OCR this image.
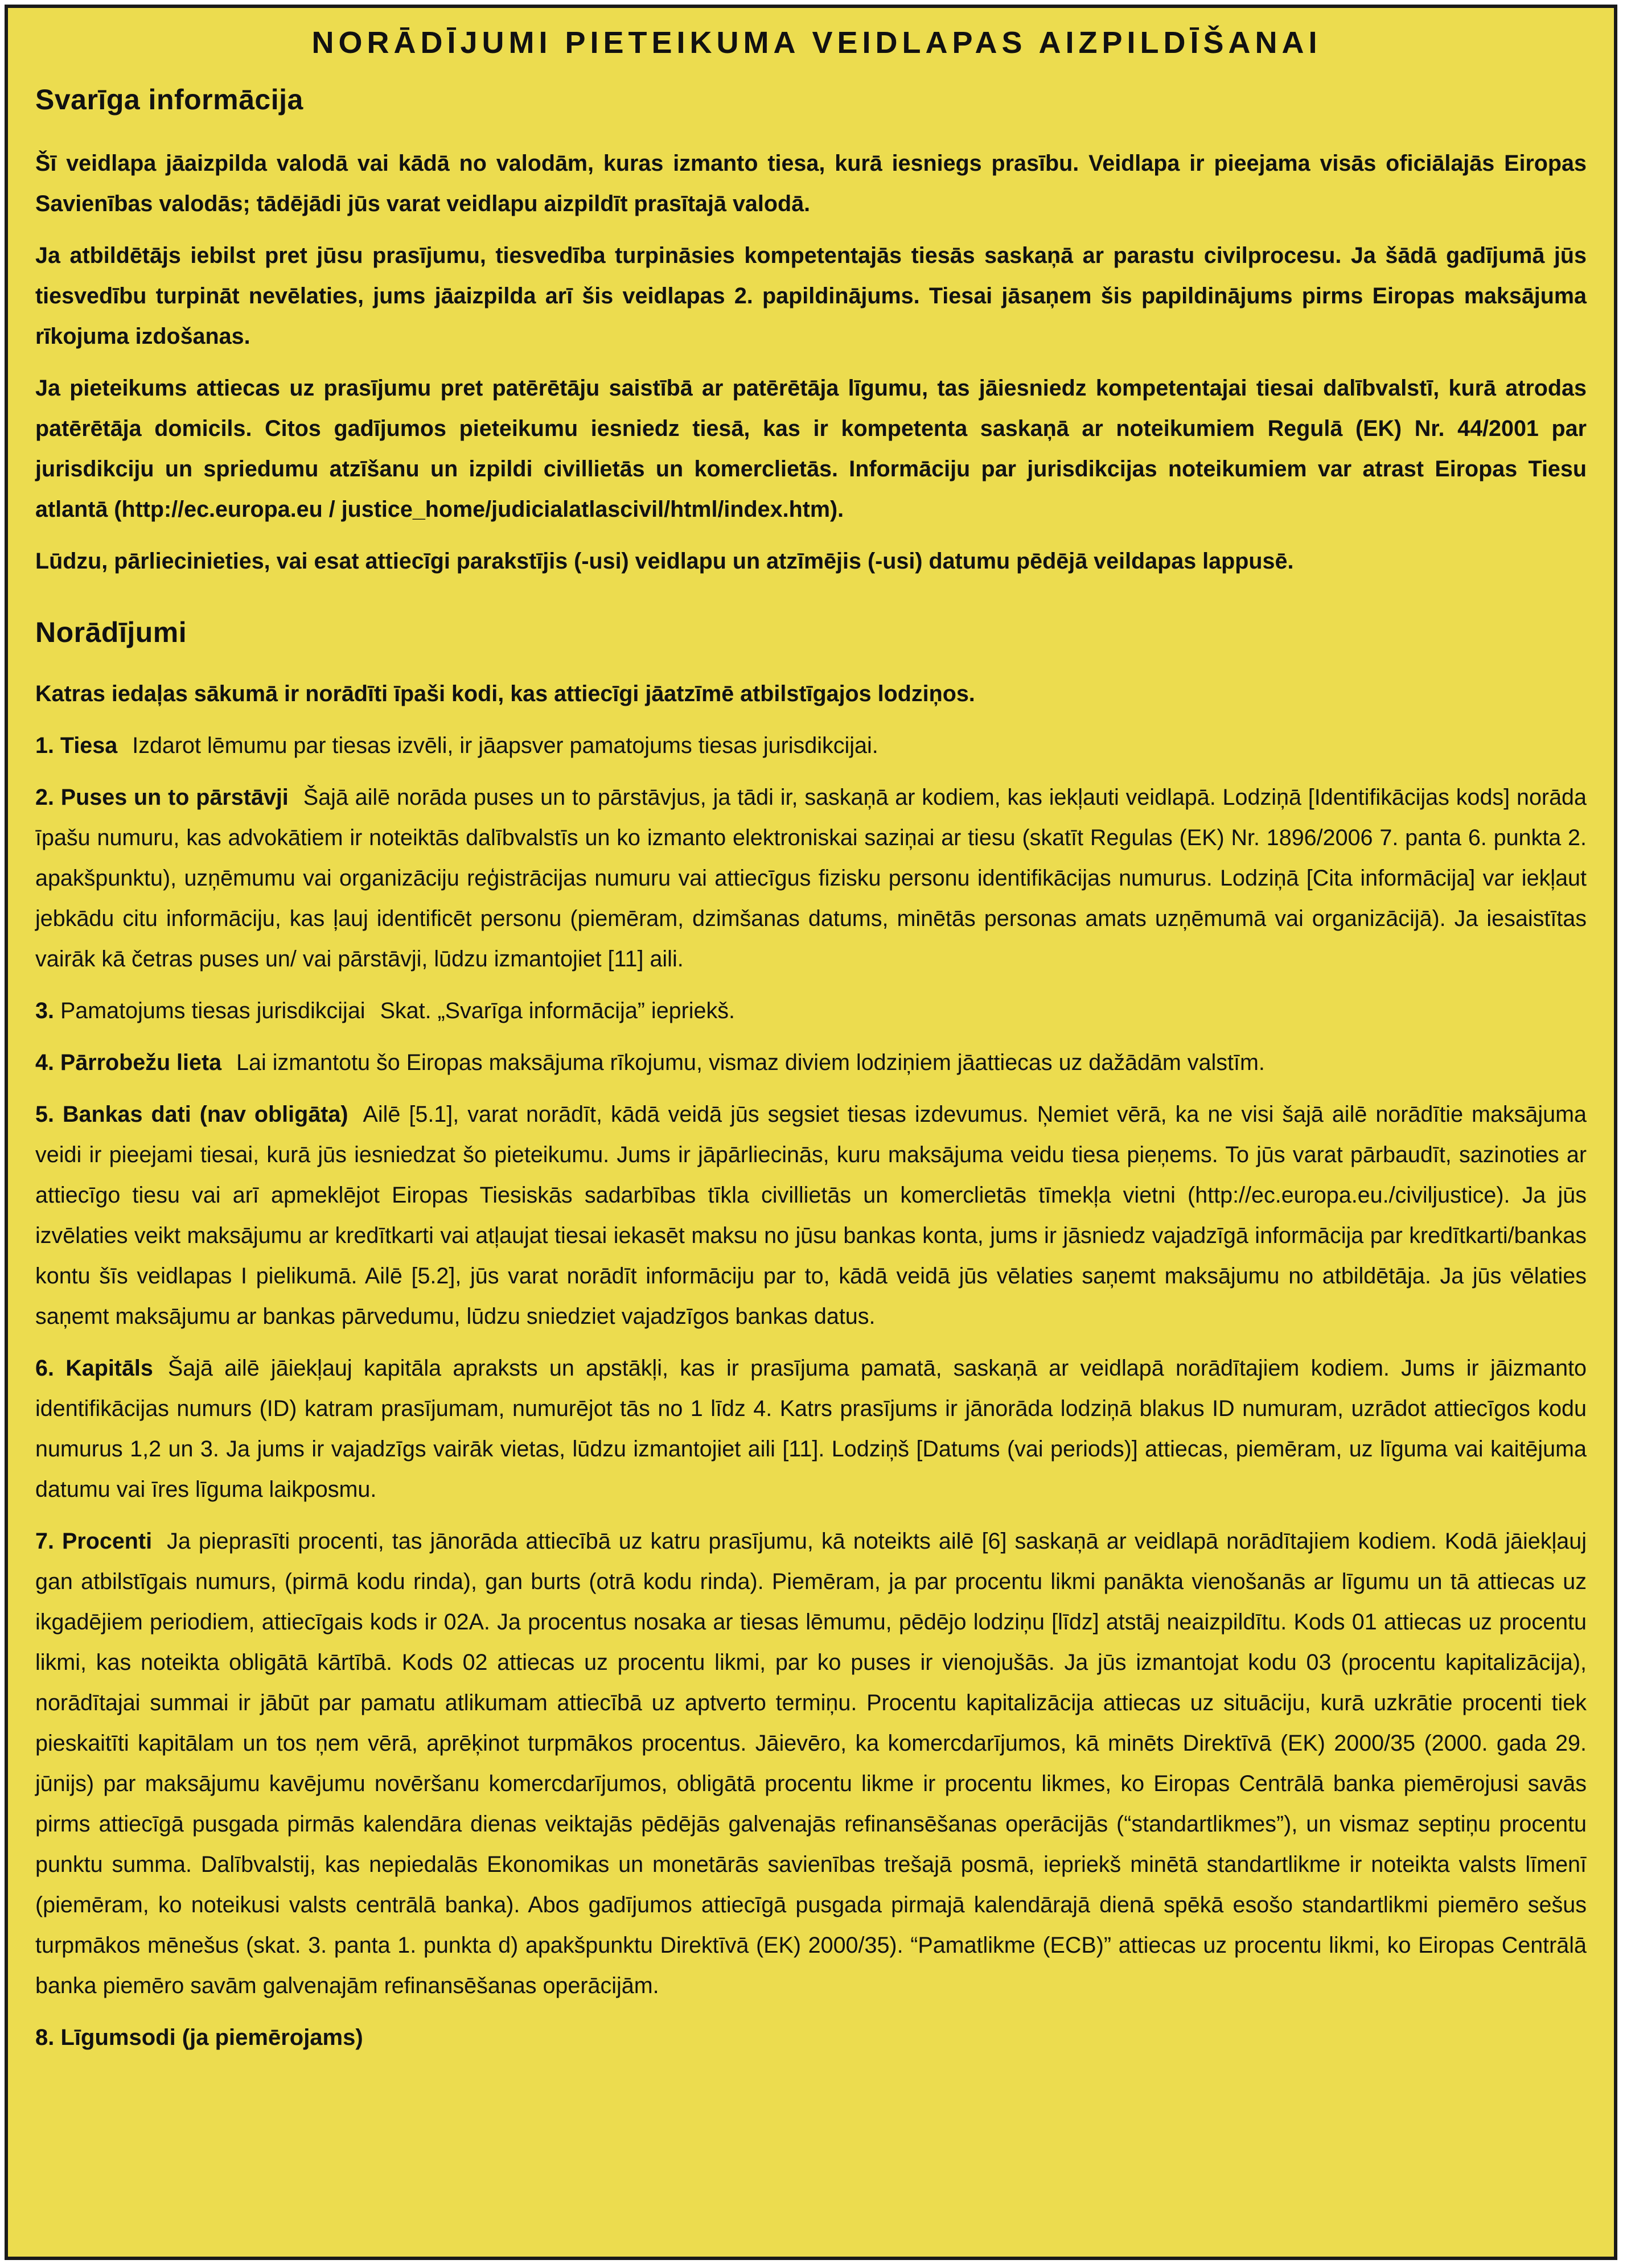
NORĀDĪJUMI PIETEIKUMA VEIDLAPAS AIZPILDĪŠANAI
Svarīga informācija

Šī veidlapa jāaizpilda valodā vai kādā no valodām, kuras izmanto tiesa, kurā iesniegs prasību. Veidlapa ir pieejama visās oficiālajās Eiropas Savienības valodās; tādējādi jūs varat veidlapu aizpildīt prasītajā valodā.

Ja atbildētājs iebilst pret jūsu prasījumu, tiesvedība turpināsies kompetentajās tiesās saskaņā ar parastu civilprocesu. Ja šādā gadījumā jūs tiesvedību turpināt nevēlaties, jums jāaizpilda arī šis veidlapas 2. papildinājums. Tiesai jāsaņem šis papildinājums pirms Eiropas maksājuma rīkojuma izdošanas.

Ja pieteikums attiecas uz prasījumu pret patērētāju saistībā ar patērētāja līgumu, tas jāiesniedz kompetentajai tiesai dalībvalstī, kurā atrodas patērētāja domicils. Citos gadījumos pieteikumu iesniedz tiesā, kas ir kompetenta saskaņā ar noteikumiem Regulā (EK) Nr. 44/2001 par jurisdikciju un spriedumu atzīšanu un izpildi civillietās un komerclietās. Informāciju par jurisdikcijas noteikumiem var atrast Eiropas Tiesu atlantā (http://ec.europa.eu / justice_home/judicialatlascivil/html/index.htm).

Lūdzu, pārliecinieties, vai esat attiecīgi parakstījis (-usi) veidlapu un atzīmējis (-usi) datumu pēdējā veildapas lappusē.

Norādījumi

Katras iedaļas sākumā ir norādīti īpaši kodi, kas attiecīgi jāatzīmē atbilstīgajos lodziņos.

1. Tiesa Izdarot lēmumu par tiesas izvēli, ir jāapsver pamatojums tiesas jurisdikcijai.

2. Puses un to pārstāvji Šajā ailē norāda puses un to pārstāvjus, ja tādi ir, saskaņā ar kodiem, kas iekļauti veidlapā. Lodziņā [Identifikācijas kods] norāda īpašu numuru, kas advokātiem ir noteiktās dalībvalstīs un ko izmanto elektroniskai saziņai ar tiesu (skatīt Regulas (EK) Nr. 1896/2006 7. panta 6. punkta 2. apakšpunktu), uzņēmumu vai organizāciju reģistrācijas numuru vai attiecīgus fizisku personu identifikācijas numurus. Lodziņā [Cita informācija] var iekļaut jebkādu citu informāciju, kas ļauj identificēt personu (piemēram, dzimšanas datums, minētās personas amats uzņēmumā vai organizācijā). Ja iesaistītas vairāk kā četras puses un/ vai pārstāvji, lūdzu izmantojiet [11] aili.

3. Pamatojums tiesas jurisdikcijai Skat. „Svarīga informācija” iepriekš.

4. Pārrobežu lieta Lai izmantotu šo Eiropas maksājuma rīkojumu, vismaz diviem lodziņiem jāattiecas uz dažādām valstīm.

5. Bankas dati (nav obligāta) Ailē [5.1], varat norādīt, kādā veidā jūs segsiet tiesas izdevumus. Ņemiet vērā, ka ne visi šajā ailē norādītie maksājuma veidi ir pieejami tiesai, kurā jūs iesniedzat šo pieteikumu. Jums ir jāpārliecinās, kuru maksājuma veidu tiesa pieņems. To jūs varat pārbaudīt, sazinoties ar attiecīgo tiesu vai arī apmeklējot Eiropas Tiesiskās sadarbības tīkla civillietās un komerclietās tīmekļa vietni (http://ec.europa.eu./civiljustice). Ja jūs izvēlaties veikt maksājumu ar kredītkarti vai atļaujat tiesai iekasēt maksu no jūsu bankas konta, jums ir jāsniedz vajadzīgā informācija par kredītkarti/bankas kontu šīs veidlapas I pielikumā. Ailē [5.2], jūs varat norādīt informāciju par to, kādā veidā jūs vēlaties saņemt maksājumu no atbildētāja. Ja jūs vēlaties saņemt maksājumu ar bankas pārvedumu, lūdzu sniedziet vajadzīgos bankas datus.

6. Kapitāls Šajā ailē jāiekļauj kapitāla apraksts un apstākļi, kas ir prasījuma pamatā, saskaņā ar veidlapā norādītajiem kodiem. Jums ir jāizmanto identifikācijas numurs (ID) katram prasījumam, numurējot tās no 1 līdz 4. Katrs prasījums ir jānorāda lodziņā blakus ID numuram, uzrādot attiecīgos kodu numurus 1,2 un 3. Ja jums ir vajadzīgs vairāk vietas, lūdzu izmantojiet aili [11]. Lodziņš [Datums (vai periods)] attiecas, piemēram, uz līguma vai kaitējuma datumu vai īres līguma laikposmu.

7. Procenti Ja pieprasīti procenti, tas jānorāda attiecībā uz katru prasījumu, kā noteikts ailē [6] saskaņā ar veidlapā norādītajiem kodiem. Kodā jāiekļauj gan atbilstīgais numurs, (pirmā kodu rinda), gan burts (otrā kodu rinda). Piemēram, ja par procentu likmi panākta vienošanās ar līgumu un tā attiecas uz ikgadējiem periodiem, attiecīgais kods ir 02A. Ja procentus nosaka ar tiesas lēmumu, pēdējo lodziņu [līdz] atstāj neaizpildītu. Kods 01 attiecas uz procentu likmi, kas noteikta obligātā kārtībā. Kods 02 attiecas uz procentu likmi, par ko puses ir vienojušās. Ja jūs izmantojat kodu 03 (procentu kapitalizācija), norādītajai summai ir jābūt par pamatu atlikumam attiecībā uz aptverto termiņu. Procentu kapitalizācija attiecas uz situāciju, kurā uzkrātie procenti tiek pieskaitīti kapitālam un tos ņem vērā, aprēķinot turpmākos procentus. Jāievēro, ka komercdarījumos, kā minēts Direktīvā (EK) 2000/35 (2000. gada 29. jūnijs) par maksājumu kavējumu novēršanu komercdarījumos, obligātā procentu likme ir procentu likmes, ko Eiropas Centrālā banka piemērojusi savās pirms attiecīgā pusgada pirmās kalendāra dienas veiktajās pēdējās galvenajās refinansēšanas operācijās (“standartlikmes”), un vismaz septiņu procentu punktu summa. Dalībvalstij, kas nepiedalās Ekonomikas un monetārās savienības trešajā posmā, iepriekš minētā standartlikme ir noteikta valsts līmenī (piemēram, ko noteikusi valsts centrālā banka). Abos gadījumos attiecīgā pusgada pirmajā kalendārajā dienā spēkā esošo standartlikmi piemēro sešus turpmākos mēnešus (skat. 3. panta 1. punkta d) apakšpunktu Direktīvā (EK) 2000/35). “Pamatlikme (ECB)” attiecas uz procentu likmi, ko Eiropas Centrālā banka piemēro savām galvenajām refinansēšanas operācijām.

8. Līgumsodi (ja piemērojams)
